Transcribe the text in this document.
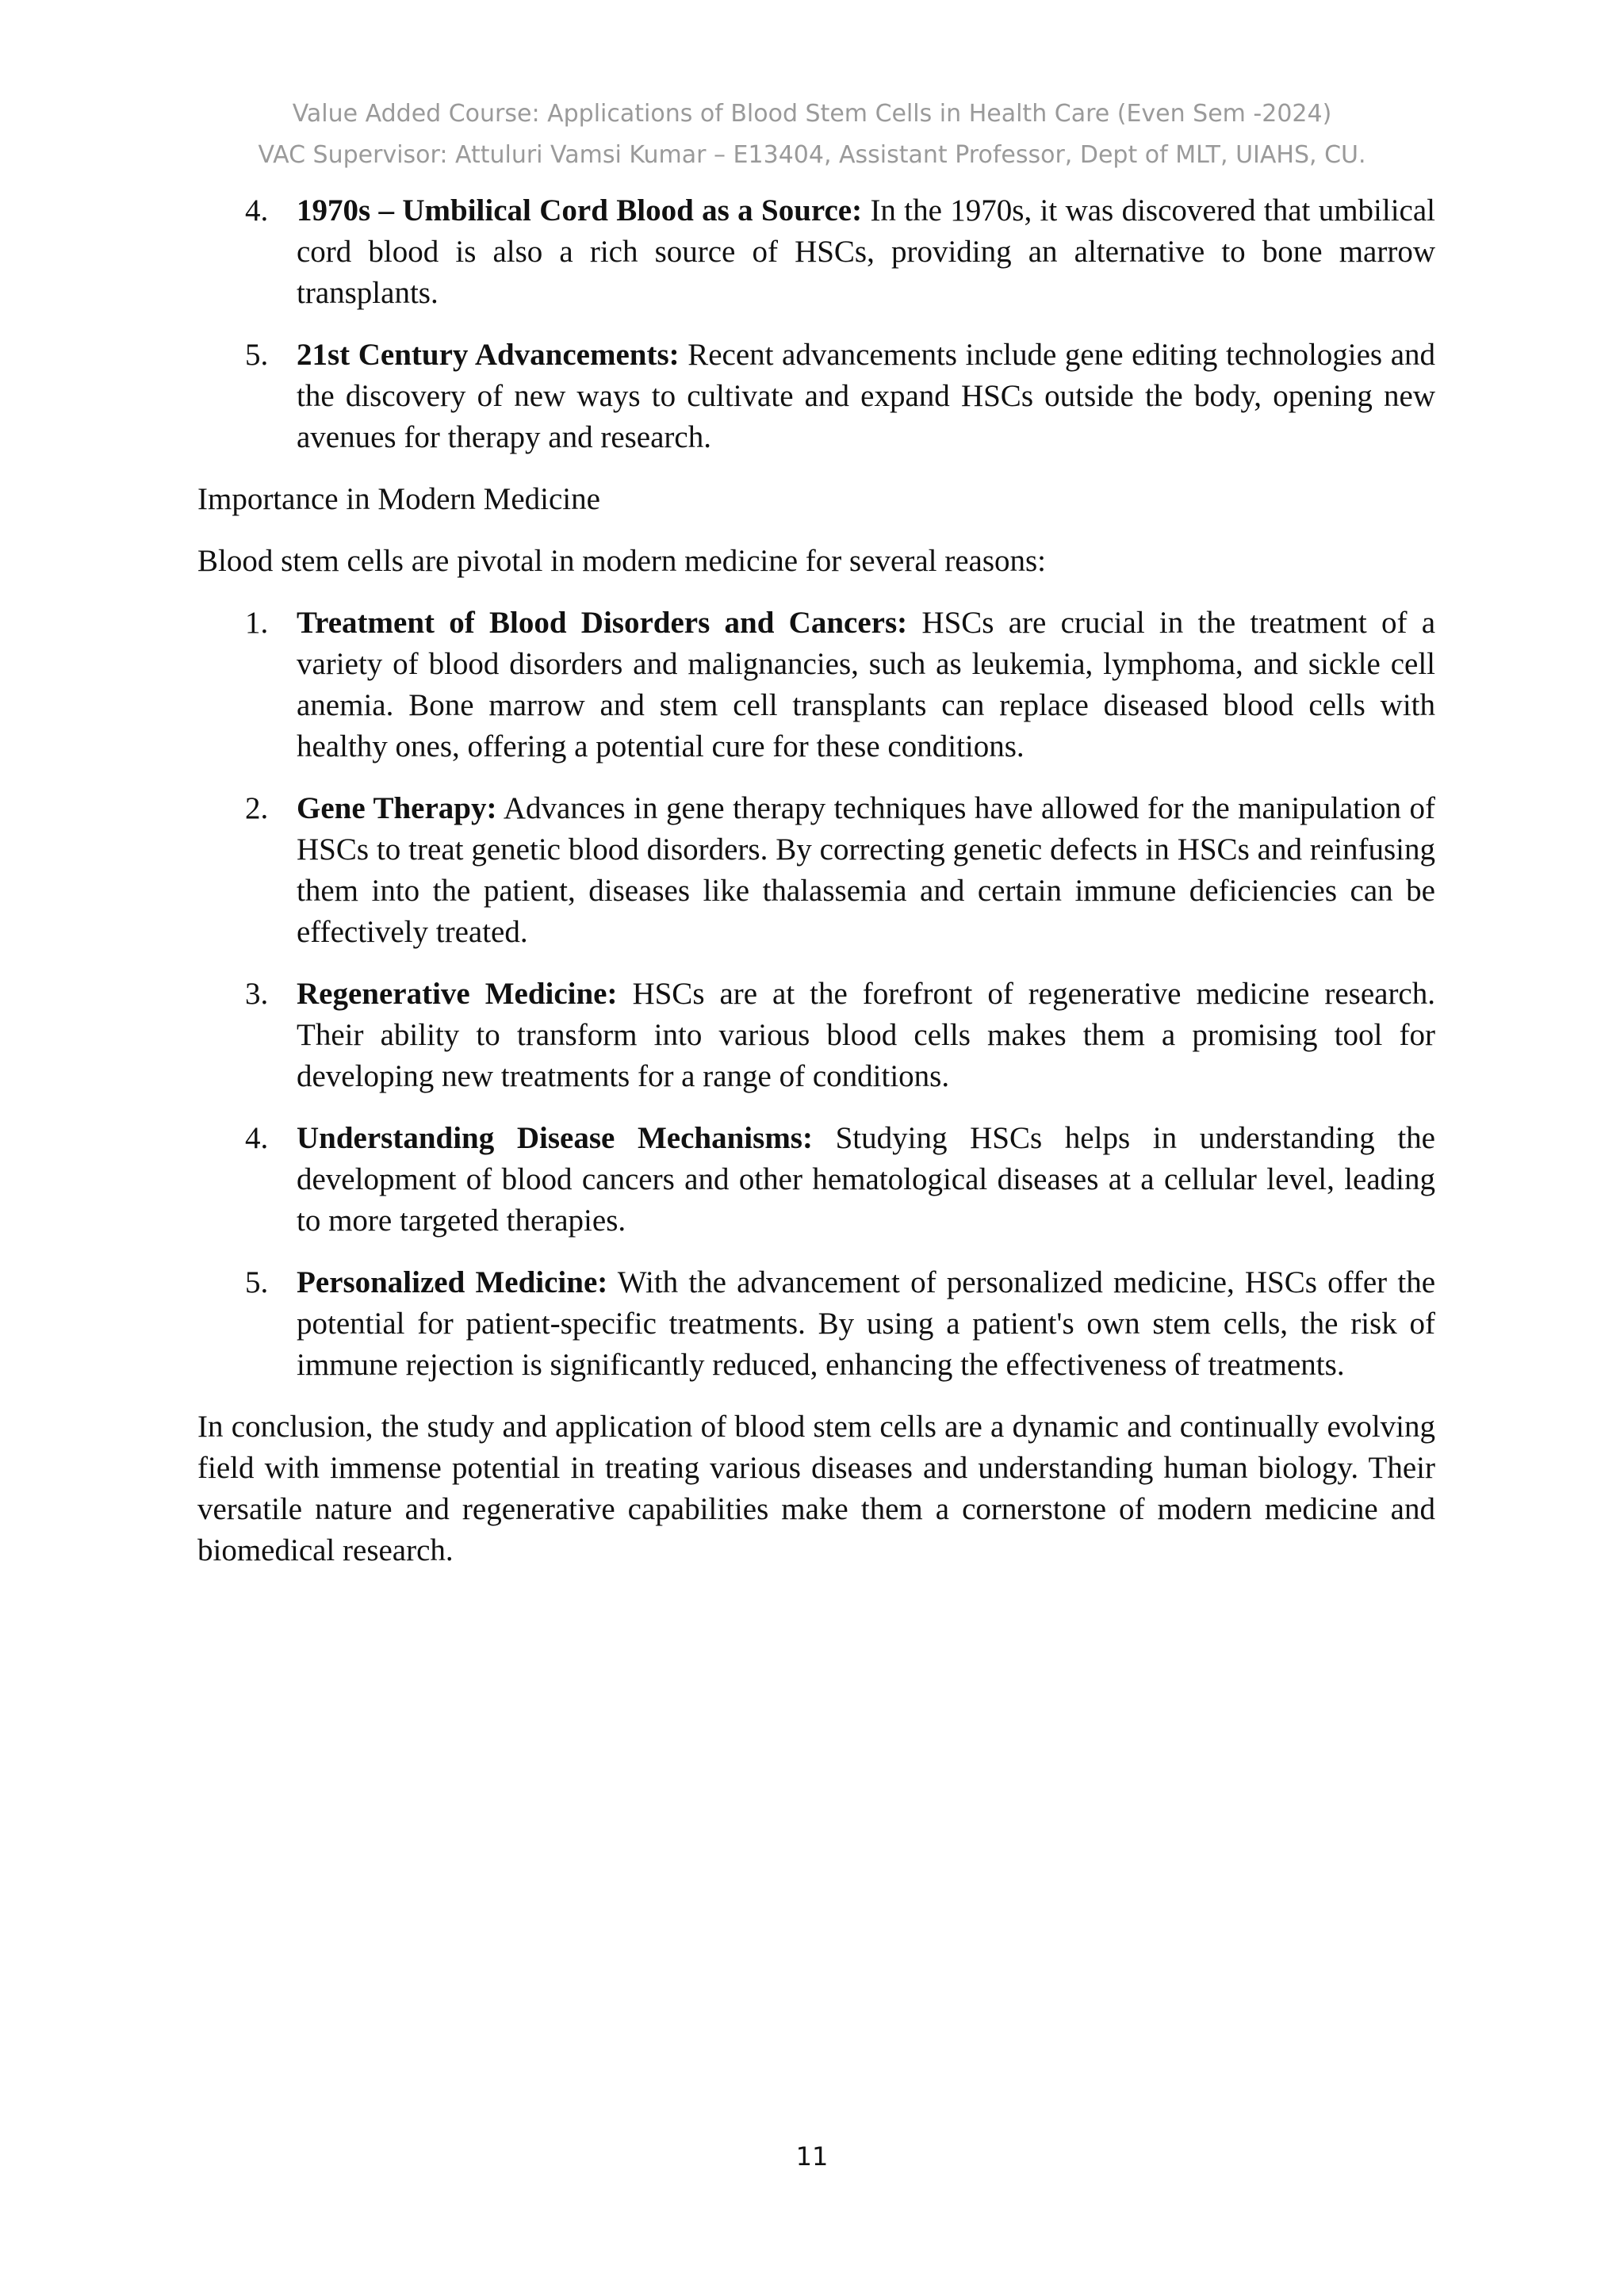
Value Added Course: Applications of Blood Stem Cells in Health Care (Even Sem -2024)
VAC Supervisor: Attuluri Vamsi Kumar – E13404, Assistant Professor, Dept of MLT, UIAHS, CU.
4. 1970s – Umbilical Cord Blood as a Source: In the 1970s, it was discovered that umbilical cord blood is also a rich source of HSCs, providing an alternative to bone marrow transplants.
5. 21st Century Advancements: Recent advancements include gene editing technologies and the discovery of new ways to cultivate and expand HSCs outside the body, opening new avenues for therapy and research.

Importance in Modern Medicine

Blood stem cells are pivotal in modern medicine for several reasons:

1. Treatment of Blood Disorders and Cancers: HSCs are crucial in the treatment of a variety of blood disorders and malignancies, such as leukemia, lymphoma, and sickle cell anemia. Bone marrow and stem cell transplants can replace diseased blood cells with healthy ones, offering a potential cure for these conditions.
2. Gene Therapy: Advances in gene therapy techniques have allowed for the manipulation of HSCs to treat genetic blood disorders. By correcting genetic defects in HSCs and reinfusing them into the patient, diseases like thalassemia and certain immune deficiencies can be effectively treated.
3. Regenerative Medicine: HSCs are at the forefront of regenerative medicine research. Their ability to transform into various blood cells makes them a promising tool for developing new treatments for a range of conditions.
4. Understanding Disease Mechanisms: Studying HSCs helps in understanding the development of blood cancers and other hematological diseases at a cellular level, leading to more targeted therapies.
5. Personalized Medicine: With the advancement of personalized medicine, HSCs offer the potential for patient-specific treatments. By using a patient's own stem cells, the risk of immune rejection is significantly reduced, enhancing the effectiveness of treatments.

In conclusion, the study and application of blood stem cells are a dynamic and continually evolving field with immense potential in treating various diseases and understanding human biology. Their versatile nature and regenerative capabilities make them a cornerstone of modern medicine and biomedical research.

11
